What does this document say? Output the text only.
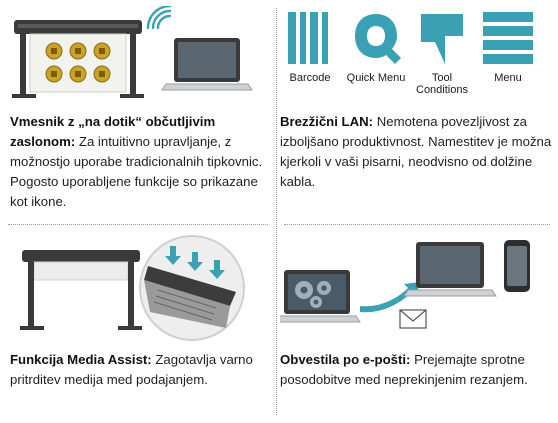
Vmesnik z „na dotik“ občutljivim zaslonom: Za intuitivno upravljanje, z možnostjo uporabe tradicionalnih tipkovnic. Pogosto uporabljene funkcije so prikazane kot ikone.

Barcode	Quick Menu	Tool Conditions
Menu

Brezžični LAN: Nemotena povezljivost za izboljšano produktivnost. Namestitev je možna kjerkoli v vaši pisarni, neodvisno od dolžine kabla.

Funkcija Media Assist: Zagotavlja varno pritrditev medija med podajanjem.

Obvestila po e-pošti: Prejemajte sprotne posodobitve med neprekinjenim rezanjem.
